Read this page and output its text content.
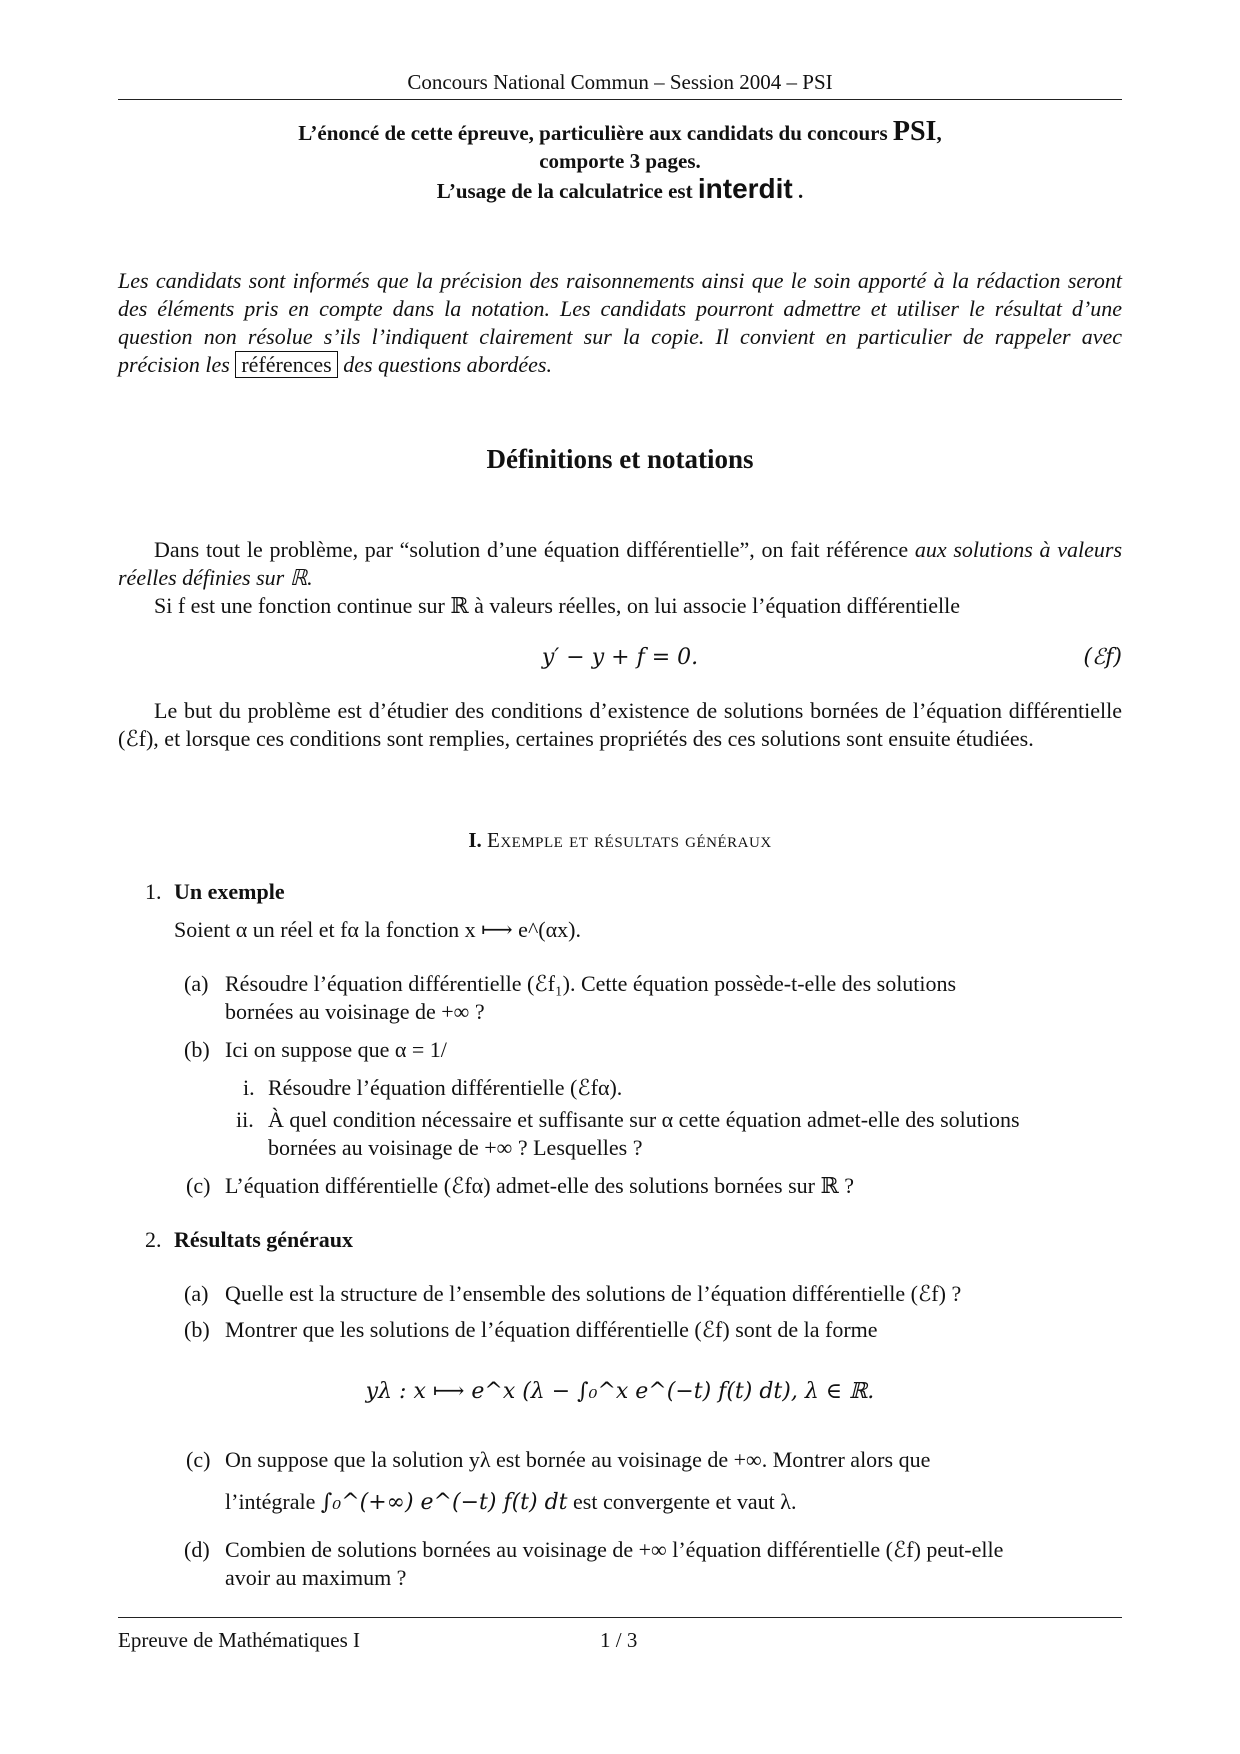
Concours National Commun – Session 2004 – PSI
L’énoncé de cette épreuve, particulière aux candidats du concours PSI,
comporte 3 pages.
L’usage de la calculatrice est interdit .
Les candidats sont informés que la précision des raisonnements ainsi que le soin apporté à la rédaction seront des éléments pris en compte dans la notation. Les candidats pourront admettre et utiliser le résultat d’une question non résolue s’ils l’indiquent clairement sur la copie. Il convient en particulier de rappeler avec précision les références des questions abordées.
Définitions et notations
Dans tout le problème, par “solution d’une équation différentielle”, on fait référence aux solutions à valeurs réelles définies sur ℝ.
Si f est une fonction continue sur ℝ à valeurs réelles, on lui associe l’équation différentielle
y′ − y + f = 0.	(ℰf)
Le but du problème est d’étudier des conditions d’existence de solutions bornées de l’équation différentielle (ℰf), et lorsque ces conditions sont remplies, certaines propriétés des ces solutions sont ensuite étudiées.
I. Exemple et résultats généraux
1. Un exemple
Soient α un réel et fα la fonction x ⟼ e^(αx).
(a) Résoudre l’équation différentielle (ℰf₁). Cette équation possède-t-elle des solutions
bornées au voisinage de +∞ ?
(b) Ici on suppose que α = 1/
i. Résoudre l’équation différentielle (ℰfα).
ii. À quel condition nécessaire et suffisante sur α cette équation admet-elle des solutions
bornées au voisinage de +∞ ? Lesquelles ?
(c) L’équation différentielle (ℰfα) admet-elle des solutions bornées sur ℝ ?
2. Résultats généraux
(a) Quelle est la structure de l’ensemble des solutions de l’équation différentielle (ℰf) ?
(b) Montrer que les solutions de l’équation différentielle (ℰf) sont de la forme
yλ : x ⟼ e^x (λ − ∫₀^x e^(−t) f(t) dt), λ ∈ ℝ.
(c) On suppose que la solution yλ est bornée au voisinage de +∞. Montrer alors que
l’intégrale ∫₀^(+∞) e^(−t) f(t) dt est convergente et vaut λ.
(d) Combien de solutions bornées au voisinage de +∞ l’équation différentielle (ℰf) peut-elle
avoir au maximum ?
Epreuve de Mathématiques I	1 / 3
